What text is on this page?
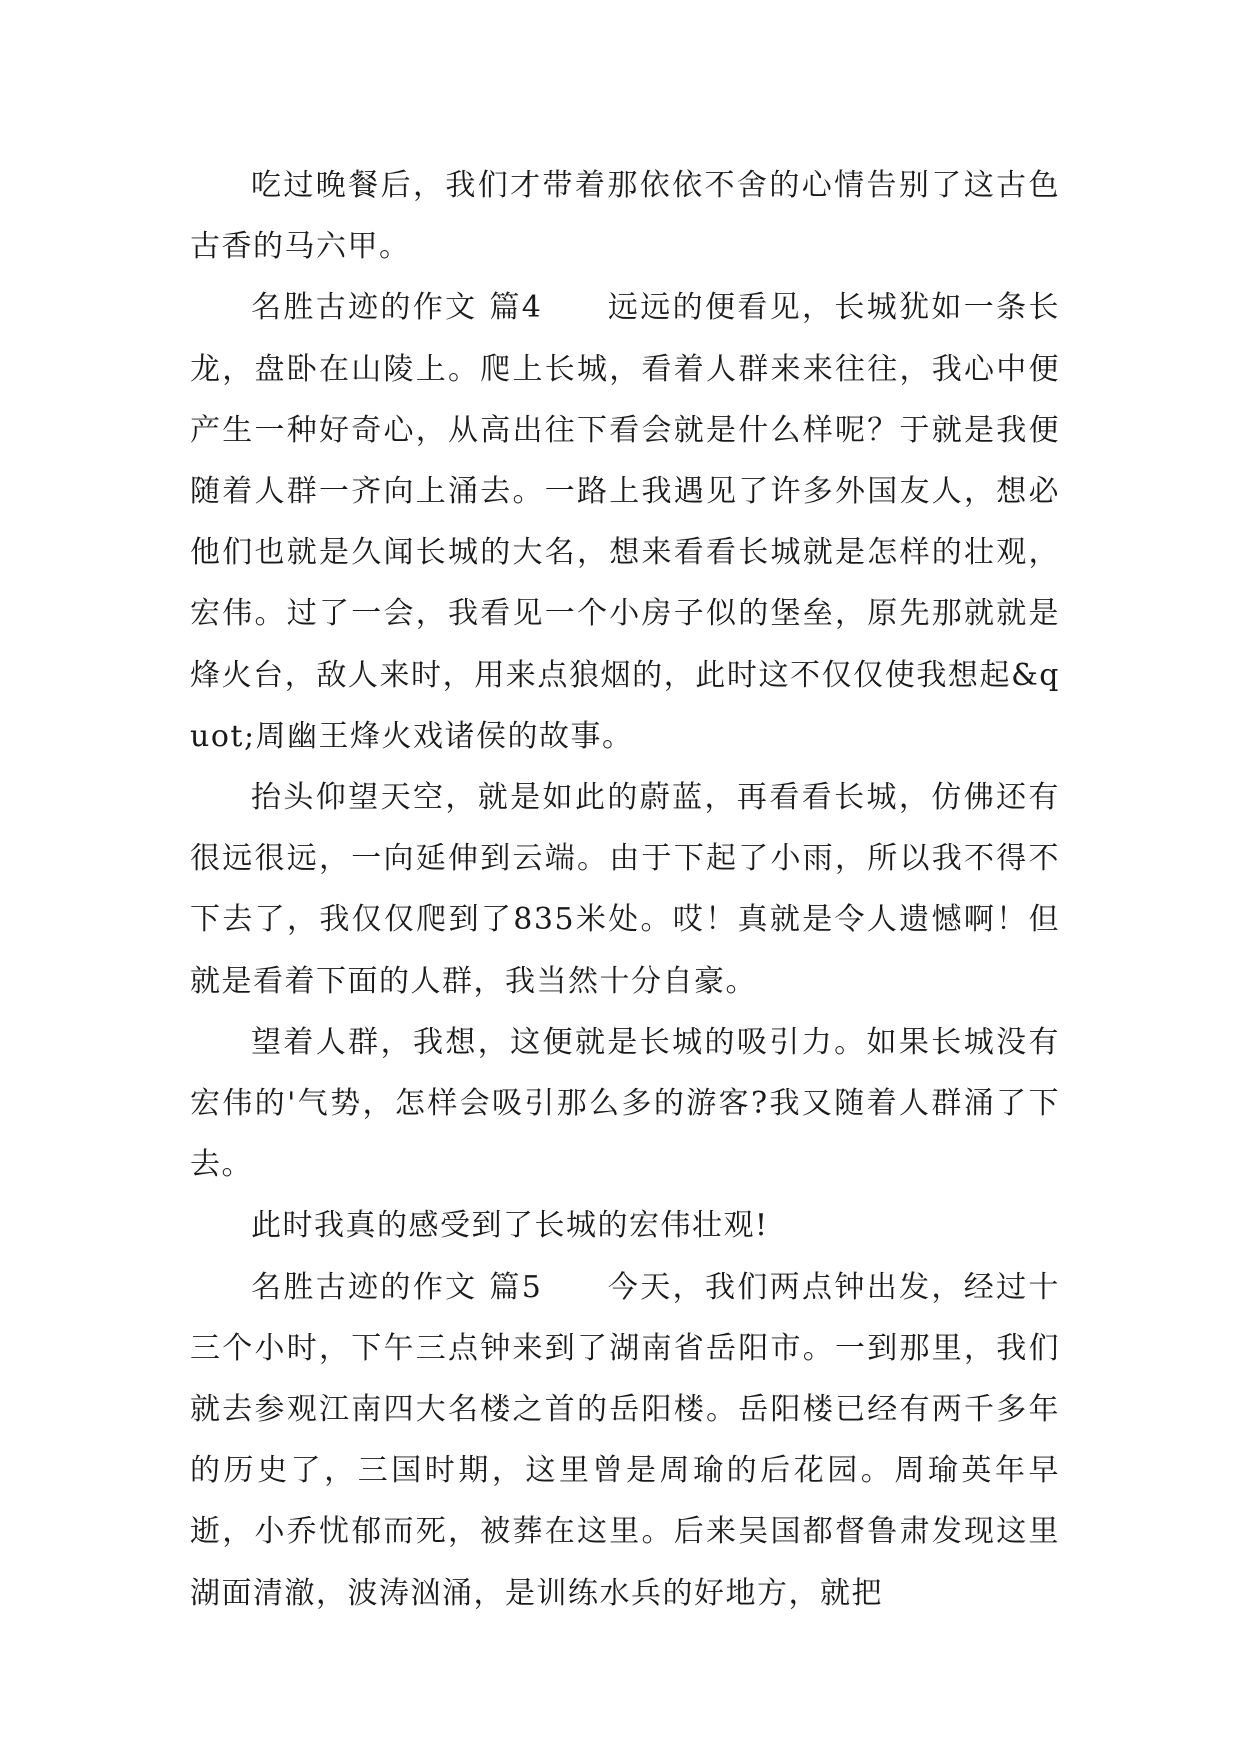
吃过晚餐后，我们才带着那依依不舍的心情告别了这古色古香的马六甲。

名胜古迹的作文 篇4　　远远的便看见，长城犹如一条长龙，盘卧在山陵上。爬上长城，看着人群来来往往，我心中便产生一种好奇心，从高出往下看会就是什么样呢？于就是我便随着人群一齐向上涌去。一路上我遇见了许多外国友人，想必他们也就是久闻长城的大名，想来看看长城就是怎样的壮观，宏伟。过了一会，我看见一个小房子似的堡垒，原先那就就是烽火台，敌人来时，用来点狼烟的，此时这不仅仅使我想起&quot;周幽王烽火戏诸侯的故事。

抬头仰望天空，就是如此的蔚蓝，再看看长城，仿佛还有很远很远，一向延伸到云端。由于下起了小雨，所以我不得不下去了，我仅仅爬到了835米处。哎！真就是令人遗憾啊！但就是看着下面的人群，我当然十分自豪。

望着人群，我想，这便就是长城的吸引力。如果长城没有宏伟的'气势，怎样会吸引那么多的游客?我又随着人群涌了下去。

此时我真的感受到了长城的宏伟壮观!

名胜古迹的作文 篇5　　今天，我们两点钟出发，经过十三个小时，下午三点钟来到了湖南省岳阳市。一到那里，我们就去参观江南四大名楼之首的岳阳楼。岳阳楼已经有两千多年的历史了，三国时期，这里曾是周瑜的后花园。周瑜英年早逝，小乔忧郁而死，被葬在这里。后来吴国都督鲁肃发现这里湖面清澈，波涛汹涌，是训练水兵的好地方，就把
